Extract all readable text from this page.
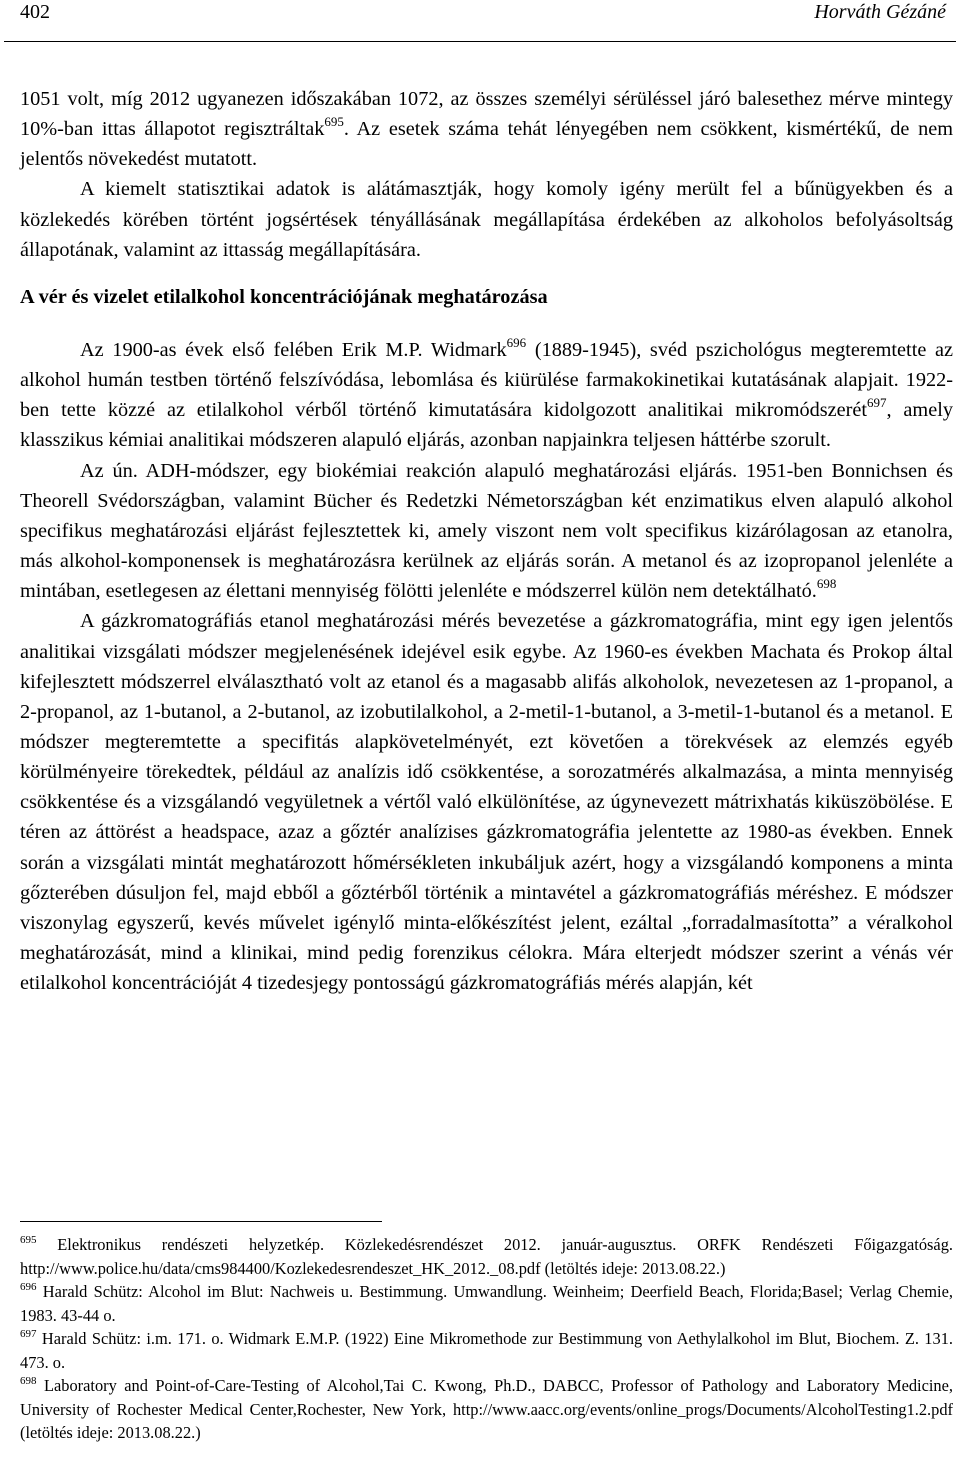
402	Horváth Gézáné

1051 volt, míg 2012 ugyanezen időszakában 1072, az összes személyi sérüléssel járó balesethez mérve mintegy 10%-ban ittas állapotot regisztráltak$^{695}$. Az esetek száma tehát lényegében nem csökkent, kismértékű, de nem jelentős növekedést mutatott.

A kiemelt statisztikai adatok is alátámasztják, hogy komoly igény merült fel a bűnügyekben és a közlekedés körében történt jogsértések tényállásának megállapítása érdekében az alkoholos befolyásoltság állapotának, valamint az ittasság megállapítására.

A vér és vizelet etilalkohol koncentrációjának meghatározása

Az 1900-as évek első felében Erik M.P. Widmark$^{696}$ (1889-1945), svéd pszichológus megteremtette az alkohol humán testben történő felszívódása, lebomlása és kiürülése farmakokinetikai kutatásának alapjait. 1922-ben tette közzé az etilalkohol vérből történő kimutatására kidolgozott analitikai mikromódszerét$^{697}$, amely klasszikus kémiai analitikai módszeren alapuló eljárás, azonban napjainkra teljesen háttérbe szorult.

Az ún. ADH-módszer, egy biokémiai reakción alapuló meghatározási eljárás. 1951-ben Bonnichsen és Theorell Svédországban, valamint Bücher és Redetzki Németországban két enzimatikus elven alapuló alkohol specifikus meghatározási eljárást fejlesztettek ki, amely viszont nem volt specifikus kizárólagosan az etanolra, más alkohol-komponensek is meghatározásra kerülnek az eljárás során. A metanol és az izopropanol jelenléte a mintában, esetlegesen az élettani mennyiség fölötti jelenléte e módszerrel külön nem detektálható.$^{698}$

A gázkromatográfiás etanol meghatározási mérés bevezetése a gázkromatográfia, mint egy igen jelentős analitikai vizsgálati módszer megjelenésének idejével esik egybe. Az 1960-es években Machata és Prokop által kifejlesztett módszerrel elválasztható volt az etanol és a magasabb alifás alkoholok, nevezetesen az 1-propanol, a 2-propanol, az 1-butanol, a 2-butanol, az izobutilalkohol, a 2-metil-1-butanol, a 3-metil-1-butanol és a metanol. E módszer megteremtette a specifitás alapkövetelményét, ezt követően a törekvések az elemzés egyéb körülményeire törekedtek, például az analízis idő csökkentése, a sorozatmérés alkalmazása, a minta mennyiség csökkentése és a vizsgálandó vegyületnek a vértől való elkülönítése, az úgynevezett mátrixhatás kiküszöbölése. E téren az áttörést a headspace, azaz a gőztér analízises gázkromatográfia jelentette az 1980-as években. Ennek során a vizsgálati mintát meghatározott hőmérsékleten inkubáljuk azért, hogy a vizsgálandó komponens a minta gőzterében dúsuljon fel, majd ebből a gőztérből történik a mintavétel a gázkromatográfiás méréshez. E módszer viszonylag egyszerű, kevés művelet igénylő minta-előkészítést jelent, ezáltal „forradalmasította” a véralkohol meghatározását, mind a klinikai, mind pedig forenzikus célokra. Mára elterjedt módszer szerint a vénás vér etilalkohol koncentrációját 4 tizedesjegy pontosságú gázkromatográfiás mérés alapján, két

$^{695}$ Elektronikus rendészeti helyzetkép. Közlekedésrendészet 2012. január-augusztus. ORFK Rendészeti Főigazgatóság. http://www.police.hu/data/cms984400/Kozlekedesrendeszet_HK_2012._08.pdf (letöltés ideje: 2013.08.22.)

$^{696}$ Harald Schütz: Alcohol im Blut: Nachweis u. Bestimmung. Umwandlung. Weinheim; Deerfield Beach, Florida;Basel; Verlag Chemie, 1983. 43-44 o.

$^{697}$ Harald Schütz: i.m. 171. o. Widmark E.M.P. (1922) Eine Mikromethode zur Bestimmung von Aethylalkohol im Blut, Biochem. Z. 131. 473. o.

$^{698}$ Laboratory and Point-of-Care-Testing of Alcohol,Tai C. Kwong, Ph.D., DABCC, Professor of Pathology and Laboratory Medicine, University of Rochester Medical Center,Rochester, New York, http://www.aacc.org/events/online_progs/Documents/AlcoholTesting1.2.pdf (letöltés ideje: 2013.08.22.)
